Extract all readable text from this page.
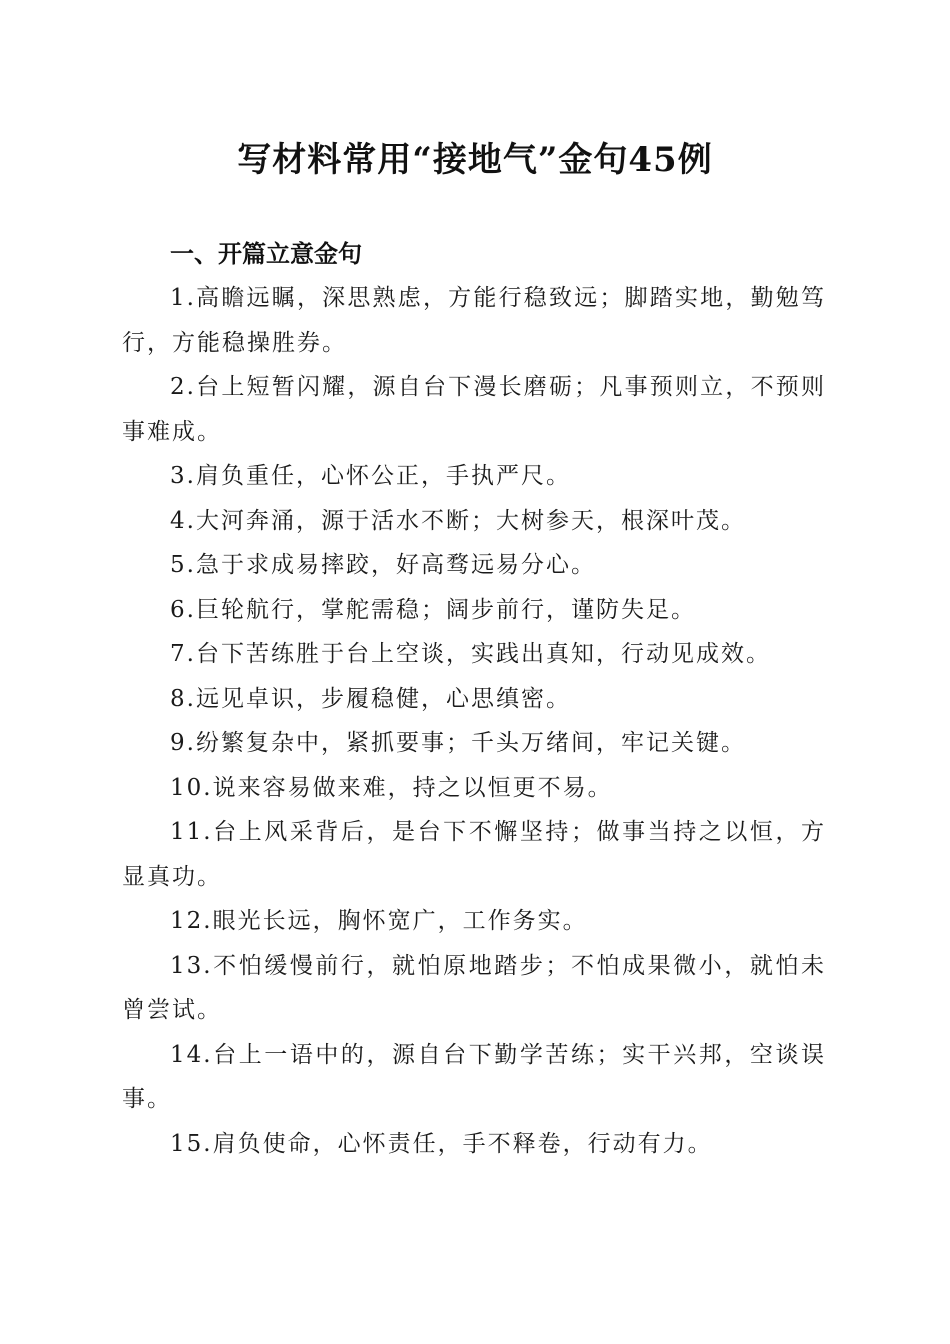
写材料常用“接地气”金句45例
一、开篇立意金句

1.高瞻远瞩，深思熟虑，方能行稳致远；脚踏实地，勤勉笃行，方能稳操胜券。

2.台上短暂闪耀，源自台下漫长磨砺；凡事预则立，不预则事难成。

3.肩负重任，心怀公正，手执严尺。

4.大河奔涌，源于活水不断；大树参天，根深叶茂。

5.急于求成易摔跤，好高骛远易分心。

6.巨轮航行，掌舵需稳；阔步前行，谨防失足。

7.台下苦练胜于台上空谈，实践出真知，行动见成效。

8.远见卓识，步履稳健，心思缜密。

9.纷繁复杂中，紧抓要事；千头万绪间，牢记关键。

10.说来容易做来难，持之以恒更不易。

11.台上风采背后，是台下不懈坚持；做事当持之以恒，方显真功。

12.眼光长远，胸怀宽广，工作务实。

13.不怕缓慢前行，就怕原地踏步；不怕成果微小，就怕未曾尝试。

14.台上一语中的，源自台下勤学苦练；实干兴邦，空谈误事。

15.肩负使命，心怀责任，手不释卷，行动有力。
